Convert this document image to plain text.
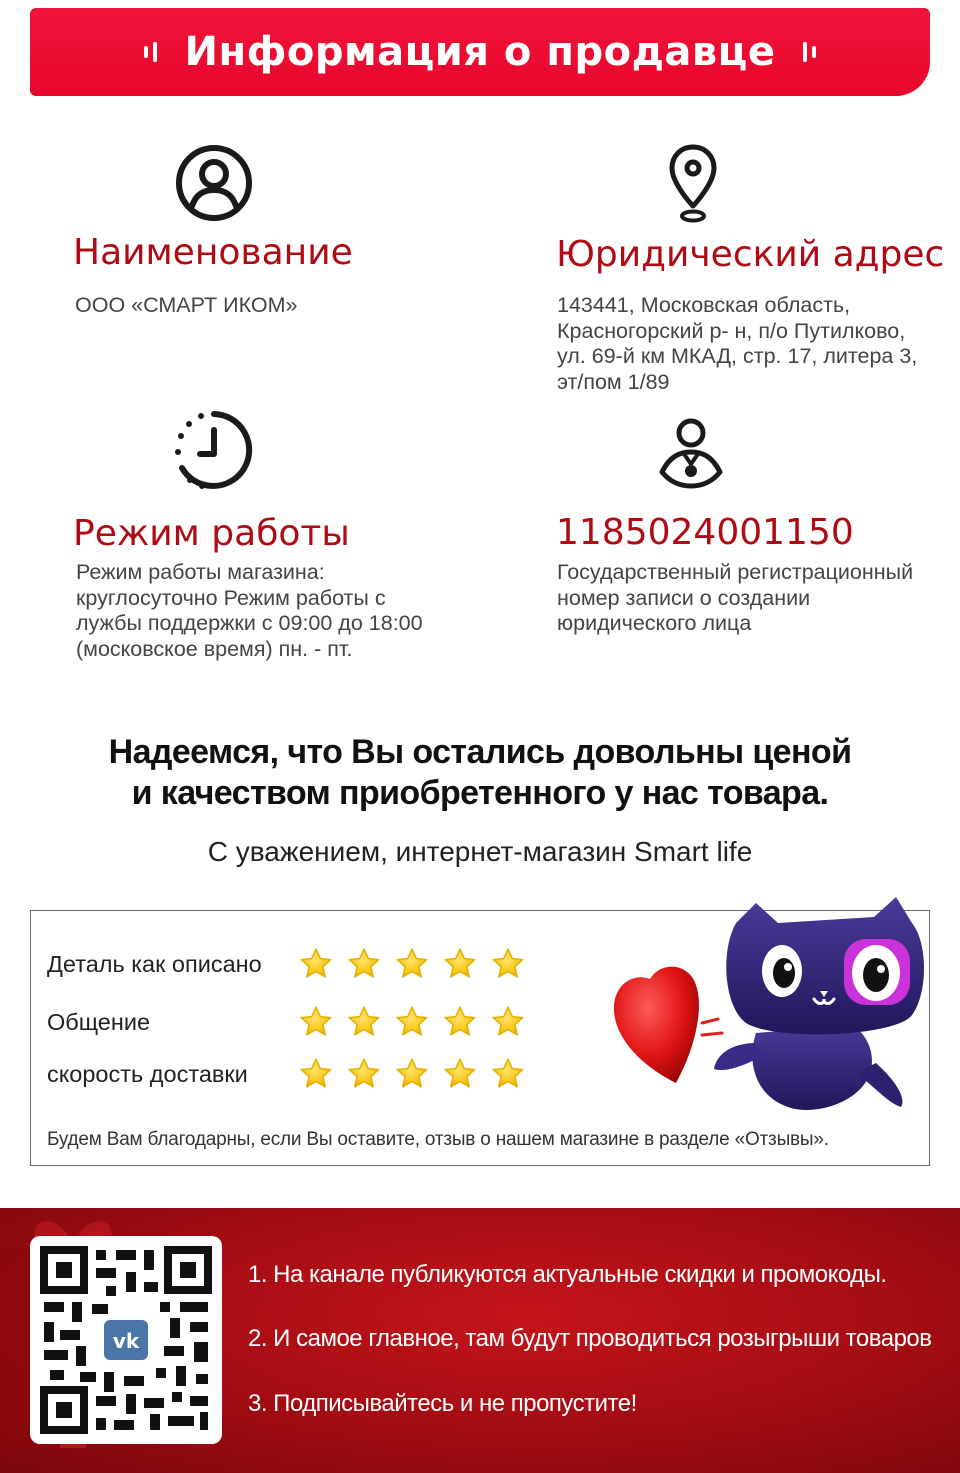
Информация о продавце
Наименование
ООО «СМАРТ ИКОМ»
Юридический адрес
143441, Московская область,
Красногорский р- н, п/о Путилково,
ул. 69-й км МКАД, стр. 17, литера 3,
эт/пом 1/89
Режим работы
Режим работы магазина:
круглосуточно Режим работы с
лужбы поддержки с 09:00 до 18:00
(московское время) пн. - пт.
1185024001150
Государственный регистрационный
номер записи о создании
юридического лица
Надеемся, что Вы остались довольны ценой
и качеством приобретенного у нас товара.
С уважением, интернет-магазин Smart life
Деталь как описано
Общение
скорость доставки
Будем Вам благодарны, если Вы оставите, отзыв о нашем магазине в разделе «Отзывы».
vk
1. На канале публикуются актуальные скидки и промокоды.
2. И самое главное, там будут проводиться розыгрыши товаров
3. Подписывайтесь и не пропустите!
